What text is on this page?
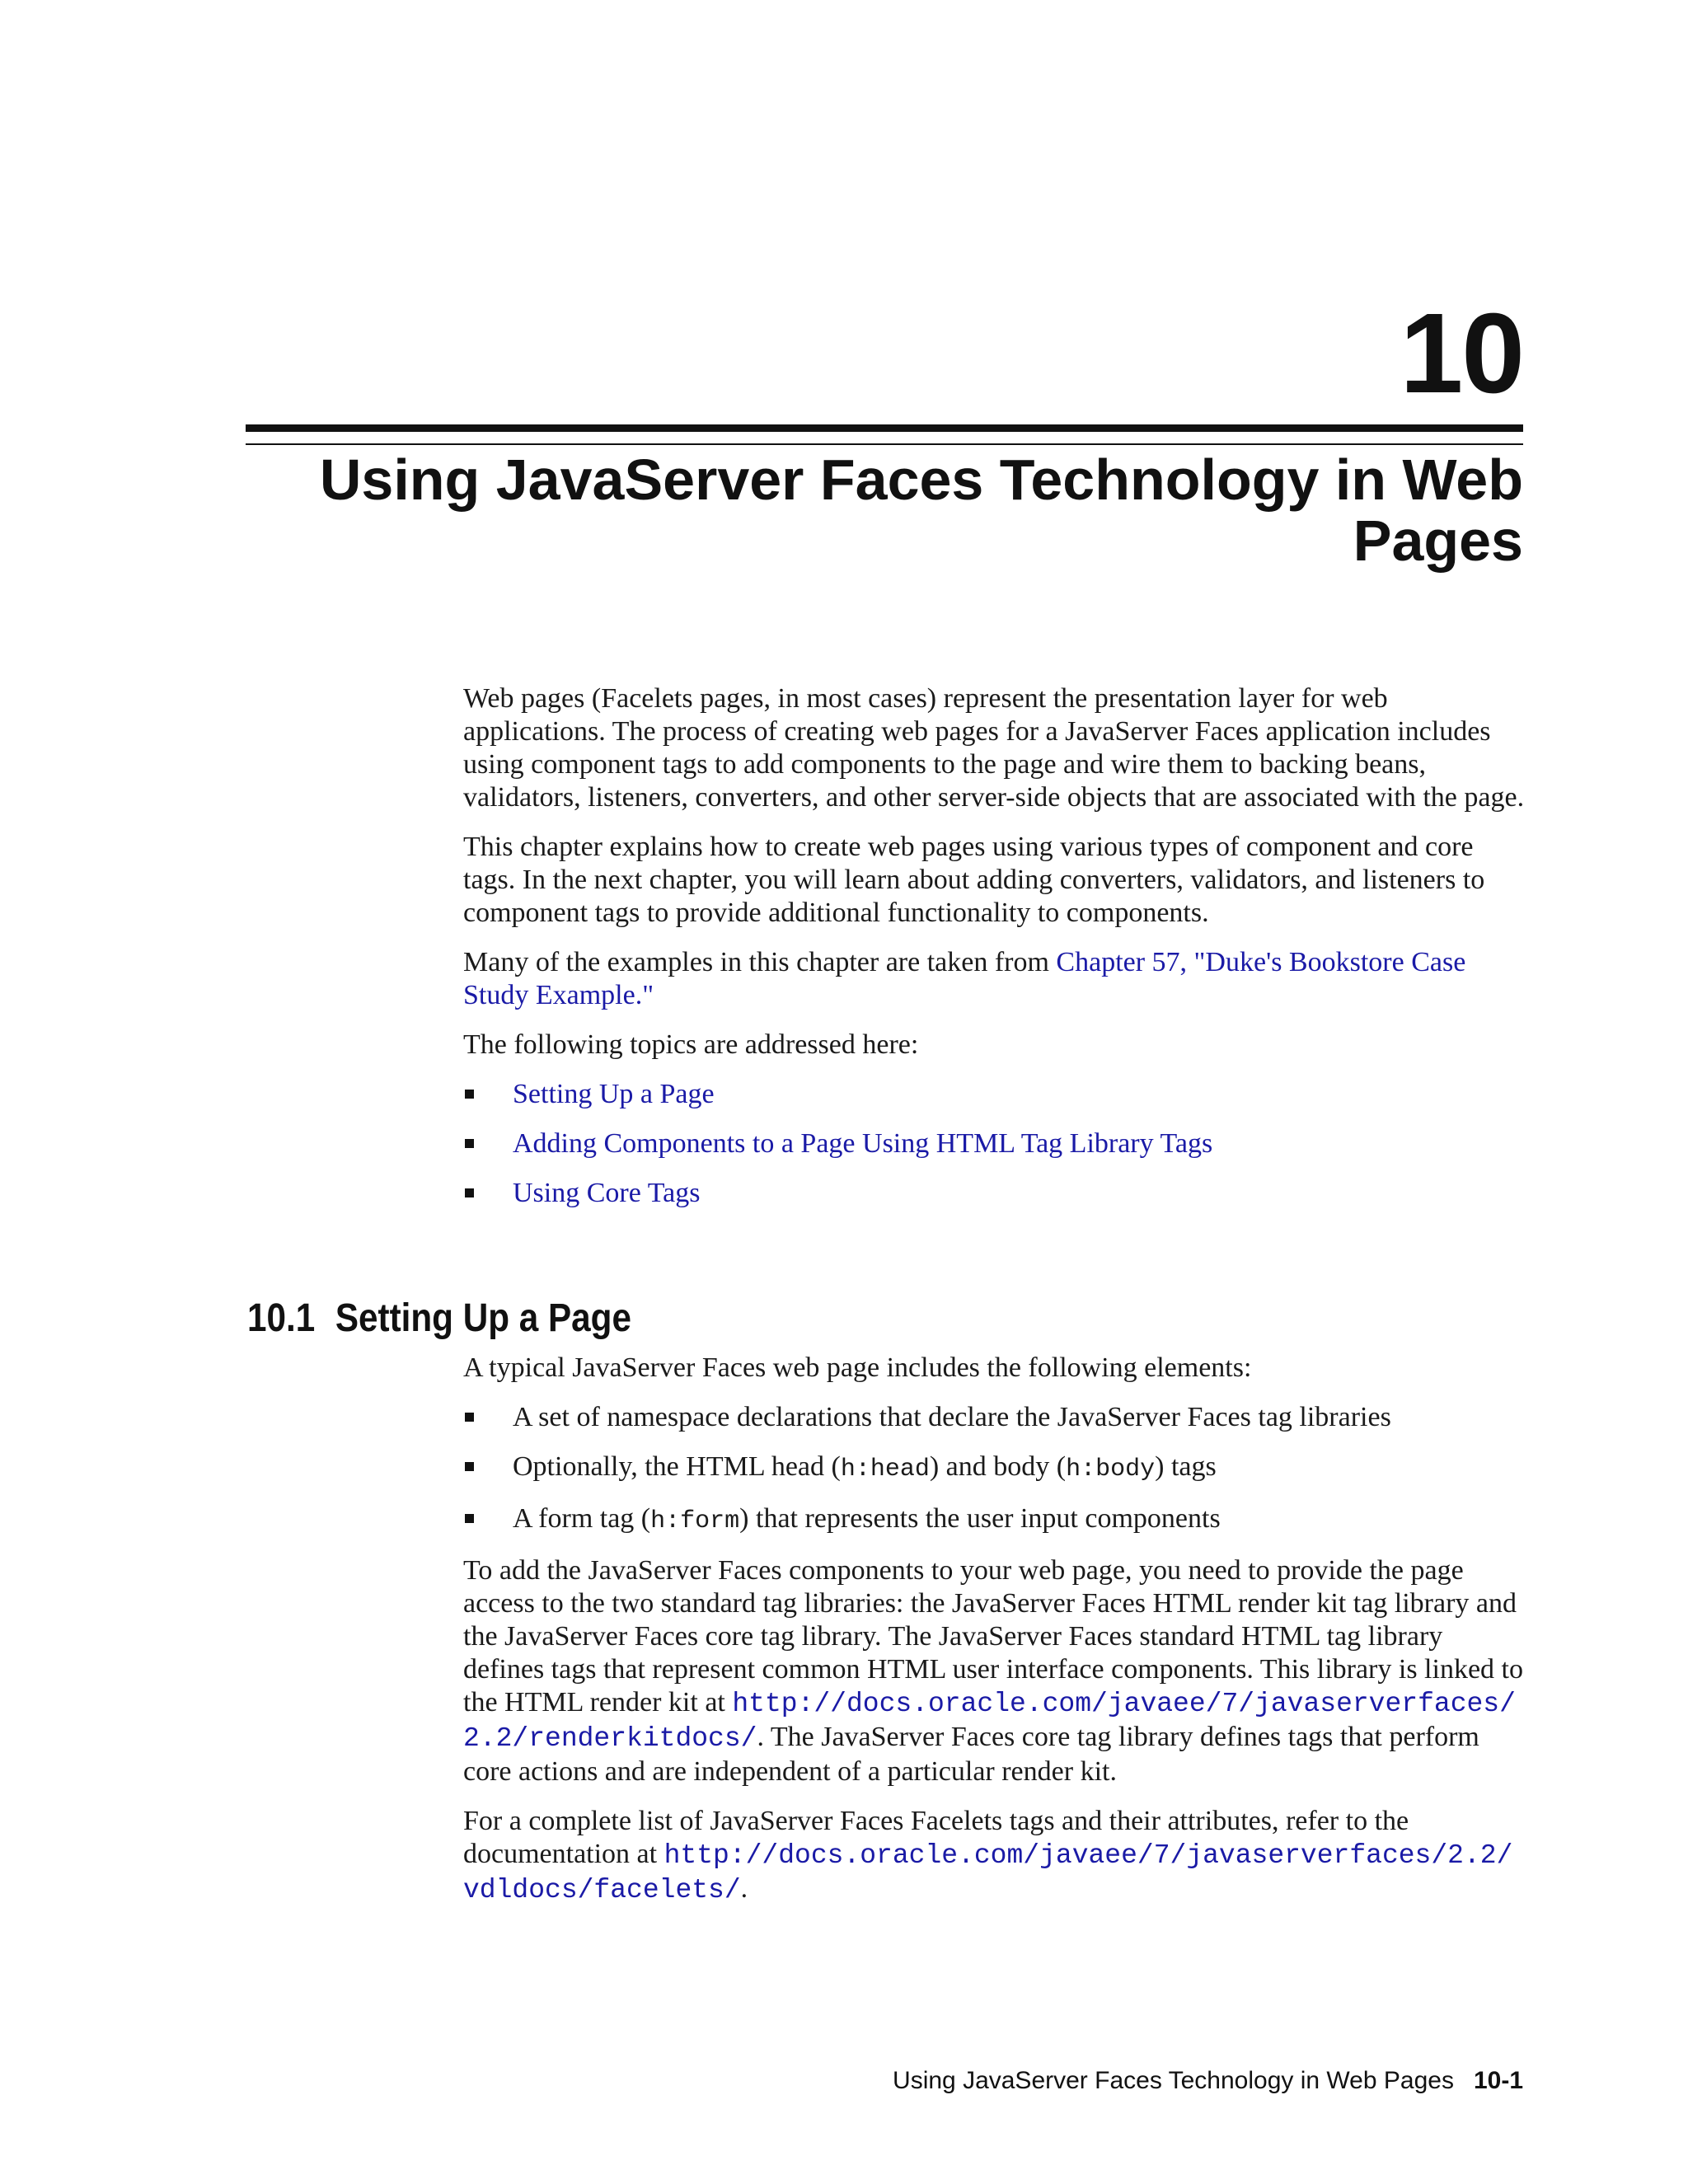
10
Using JavaServer Faces Technology in Web Pages

Web pages (Facelets pages, in most cases) represent the presentation layer for web applications. The process of creating web pages for a JavaServer Faces application includes using component tags to add components to the page and wire them to backing beans, validators, listeners, converters, and other server-side objects that are associated with the page.

This chapter explains how to create web pages using various types of component and core tags. In the next chapter, you will learn about adding converters, validators, and listeners to component tags to provide additional functionality to components.

Many of the examples in this chapter are taken from Chapter 57, "Duke's Bookstore Case Study Example."

The following topics are addressed here:

Setting Up a Page
Adding Components to a Page Using HTML Tag Library Tags
Using Core Tags
10.1 Setting Up a Page

A typical JavaServer Faces web page includes the following elements:

A set of namespace declarations that declare the JavaServer Faces tag libraries
Optionally, the HTML head (h:head) and body (h:body) tags
A form tag (h:form) that represents the user input components

To add the JavaServer Faces components to your web page, you need to provide the page access to the two standard tag libraries: the JavaServer Faces HTML render kit tag library and the JavaServer Faces core tag library. The JavaServer Faces standard HTML tag library defines tags that represent common HTML user interface components. This library is linked to the HTML render kit at http://docs.oracle.com/javaee/7/javaserverfaces/2.2/renderkitdocs/. The JavaServer Faces core tag library defines tags that perform core actions and are independent of a particular render kit.

For a complete list of JavaServer Faces Facelets tags and their attributes, refer to the documentation at http://docs.oracle.com/javaee/7/javaserverfaces/2.2/vdldocs/facelets/.

Using JavaServer Faces Technology in Web Pages 10-1
